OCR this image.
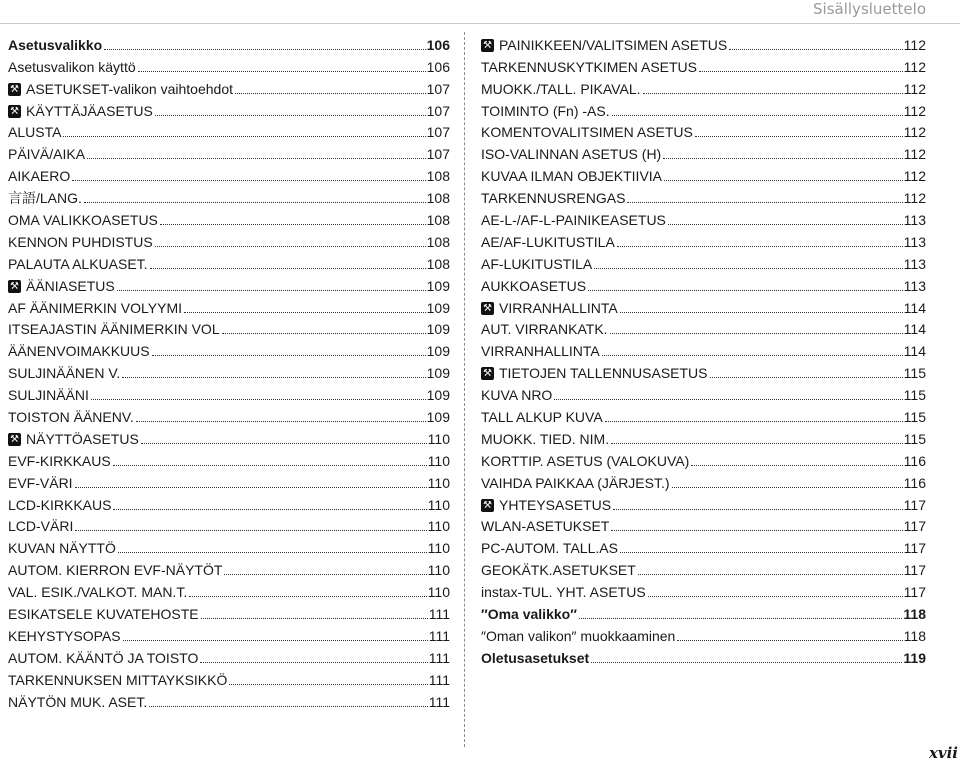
Sisällysluettelo
Asetusvalikko	106
Asetusvalikon käyttö	106
⚒ ASETUKSET-valikon vaihtoehdot	107
⚒ KÄYTTÄJÄASETUS	107
ALUSTA	107
PÄIVÄ/AIKA	107
AIKAERO	108
言語/LANG.	108
OMA VALIKKOASETUS	108
KENNON PUHDISTUS	108
PALAUTA ALKUASET.	108
⚒ ÄÄNIASETUS	109
AF ÄÄNIMERKIN VOLYYMI	109
ITSEAJASTIN ÄÄNIMERKIN VOL	109
ÄÄNENVOIMAKKUUS	109
SULJINÄÄNEN V.	109
SULJINÄÄNI	109
TOISTON ÄÄNENV.	109
⚒ NÄYTTÖASETUS	110
EVF-KIRKKAUS	110
EVF-VÄRI	110
LCD-KIRKKAUS	110
LCD-VÄRI	110
KUVAN NÄYTTÖ	110
AUTOM. KIERRON EVF-NÄYTÖT	110
VAL. ESIK./VALKOT. MAN.T.	110
ESIKATSELE KUVATEHOSTE	111
KEHYSTYSOPAS	111
AUTOM. KÄÄNTÖ JA TOISTO	111
TARKENNUKSEN MITTAYKSIKKÖ	111
NÄYTÖN MUK. ASET.	111
⚒ PAINIKKEEN/VALITSIMEN ASETUS	112
TARKENNUSKYTKIMEN ASETUS	112
MUOKK./TALL. PIKAVAL.	112
TOIMINTO (Fn) -AS.	112
KOMENTOVALITSIMEN ASETUS	112
ISO-VALINNAN ASETUS (H)	112
KUVAA ILMAN OBJEKTIIVIA	112
TARKENNUSRENGAS	112
AE-L-/AF-L-PAINIKEASETUS	113
AE/AF-LUKITUSTILA	113
AF-LUKITUSTILA	113
AUKKOASETUS	113
⚒ VIRRANHALLINTA	114
AUT. VIRRANKATK.	114
VIRRANHALLINTA	114
⚒ TIETOJEN TALLENNUSASETUS	115
KUVA NRO	115
TALL ALKUP KUVA	115
MUOKK. TIED. NIM.	115
KORTTIP. ASETUS (VALOKUVA)	116
VAIHDA PAIKKAA (JÄRJEST.)	116
⚒ YHTEYSASETUS	117
WLAN-ASETUKSET	117
PC-AUTOM. TALL.AS	117
GEOKÄTK.ASETUKSET	117
instax-TUL. YHT. ASETUS	117
″Oma valikko″	118
″Oman valikon″ muokkaaminen	118
Oletusasetukset	119
xvii
